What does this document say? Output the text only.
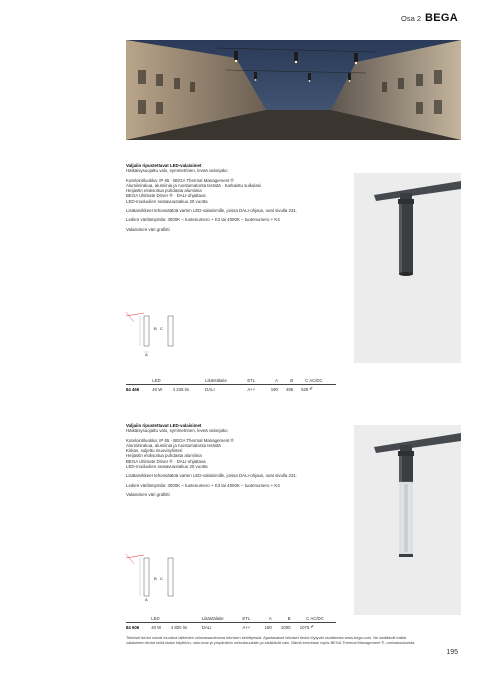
Osa 2 BEGA

Valjaiin ripustettavat LED-valaisimet

Häikäisysuojattu valo, symmetrinen, leveä valonjako

Kotelointiluokka: IP 65 · BEGA Thermal Management ®

Alumiinirakua, alumiinia ja ruostumatonta terästä · Karkaistu suikulasi

Heijastin eloksoitua puhdasta alumiinia

BEGA Ultimate Driver ® · DALI-ohjattava

LED-moduulien seatavuustakuu 20 vuotta

Lisätarvikkeet tehonsäätöä varten LED-valaisimille, joissa DALI-ohjaus, ovat sivulla 231.

Ledien värilämpötila: 3000K – tuotenumero + K3 tai 4000K – tuotenumero + K4

Valaisimen väri grafiitti

B C
A
	LED		Liitäntälaite	ETL	A	B	C	AC/DC
84 466	40 W	4 235 lm	DALI	A++	190	495	525	✔

Valjaiin ripustettavat LED-valaisimet

Häikäisysuojattu valo, symmetrinen, leveä valonjako

Kotelointiluokka: IP 65 · BEGA Thermal Management ®

Alumiinirakua, alumiinia ja ruostumatonta terästä

Kirkas, suljettu muovisylinteri

Heijastin eloksoitua puhdasta alumiinia

BEGA Ultimate Driver ® · DALI-ohjattava

LED-moduulien seatavuustakuu 20 vuotta

Lisätarvikkeet tehonsäätöä varten LED-valaisimille, joissa DALI-ohjaus, ovat sivulla 231.

Ledien värilämpötila: 3000K – tuotenumero + K3 tai 4000K – tuotenumero + K4

Valaisimen väri grafiitti

B C
A
	LED		Liitäntälaite	ETL	A	B	C	AC/DC
84 606	40 W	4 800 lm	DALI	A++	190	1000	1075	✔
Tekniset tiedot voivat muuttua laitteiden voimassaolevana teknisen kehittyessä. Ajantasaiset tekniset tiedot löytyvät osoitteesta www.bega.com. Ne sisältävät kaikki valaisimen tiedot sekä ladan käyttöön, valo-imat ja ympäristön ominaisuuksiin ja sisältävät vain. Nämä kerrotaan myös BEGA Thermal Management ® -ominaisuuksista.
195
